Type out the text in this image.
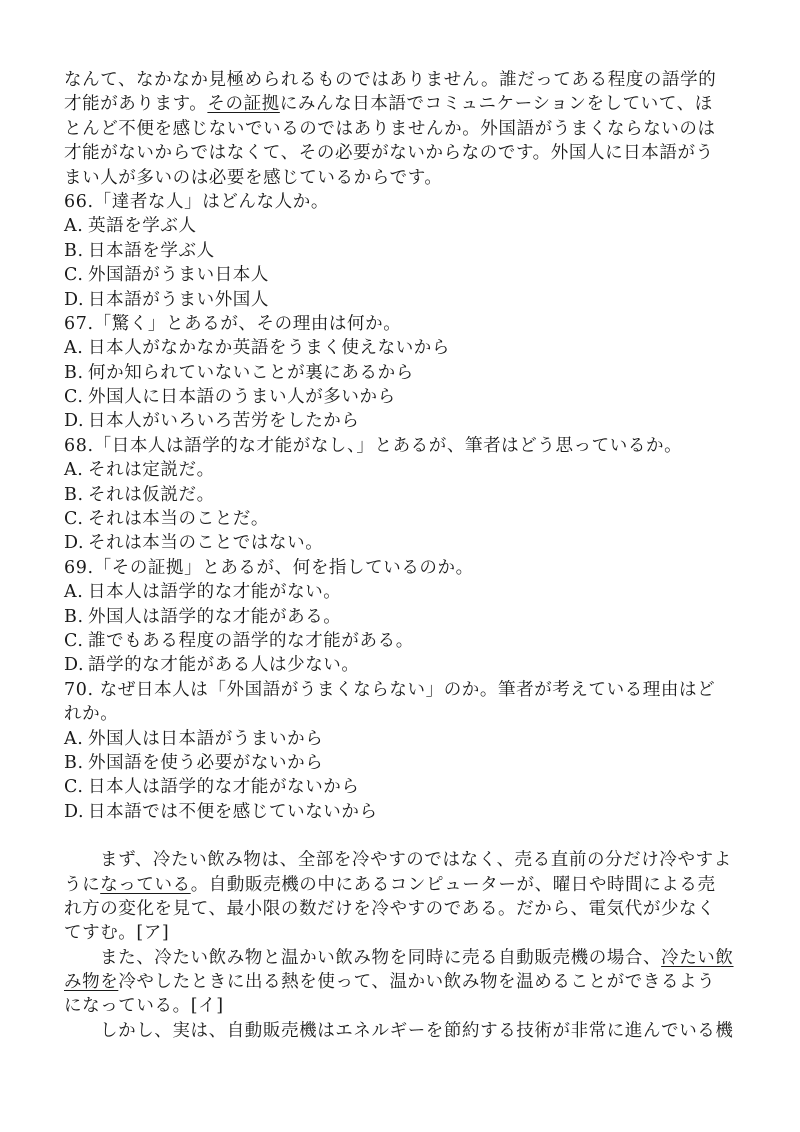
なんて、なかなか見極められるものではありません。誰だってある程度の語学的
才能があります。その証拠にみんな日本語でコミュニケーションをしていて、ほ
とんど不便を感じないでいるのではありませんか。外国語がうまくならないのは
才能がないからではなくて、その必要がないからなのです。外国人に日本語がう
まい人が多いのは必要を感じているからです。
66.「達者な人」はどんな人か。
A. 英語を学ぶ人
B. 日本語を学ぶ人
C. 外国語がうまい日本人
D. 日本語がうまい外国人
67.「驚く」とあるが、その理由は何か。
A. 日本人がなかなか英語をうまく使えないから
B. 何か知られていないことが裏にあるから
C. 外国人に日本語のうまい人が多いから
D. 日本人がいろいろ苦労をしたから
68.「日本人は語学的な才能がなし、」とあるが、筆者はどう思っているか。
A. それは定説だ。
B. それは仮説だ。
C. それは本当のことだ。
D. それは本当のことではない。
69.「その証拠」とあるが、何を指しているのか。
A. 日本人は語学的な才能がない。
B. 外国人は語学的な才能がある。
C. 誰でもある程度の語学的な才能がある。
D. 語学的な才能がある人は少ない。
70. なぜ日本人は「外国語がうまくならない」のか。筆者が考えている理由はど
れか。
A. 外国人は日本語がうまいから
B. 外国語を使う必要がないから
C. 日本人は語学的な才能がないから
D. 日本語では不便を感じていないから
まず、冷たい飲み物は、全部を冷やすのではなく、売る直前の分だけ冷やすよ
うになっている。自動販売機の中にあるコンピューターが、曜日や時間による売
れ方の変化を見て、最小限の数だけを冷やすのである。だから、電気代が少なく
てすむ。[ア]
また、冷たい飲み物と温かい飲み物を同時に売る自動販売機の場合、冷たい飲
み物を冷やしたときに出る熱を使って、温かい飲み物を温めることができるよう
になっている。[イ]
しかし、実は、自動販売機はエネルギーを節約する技術が非常に進んでいる機
